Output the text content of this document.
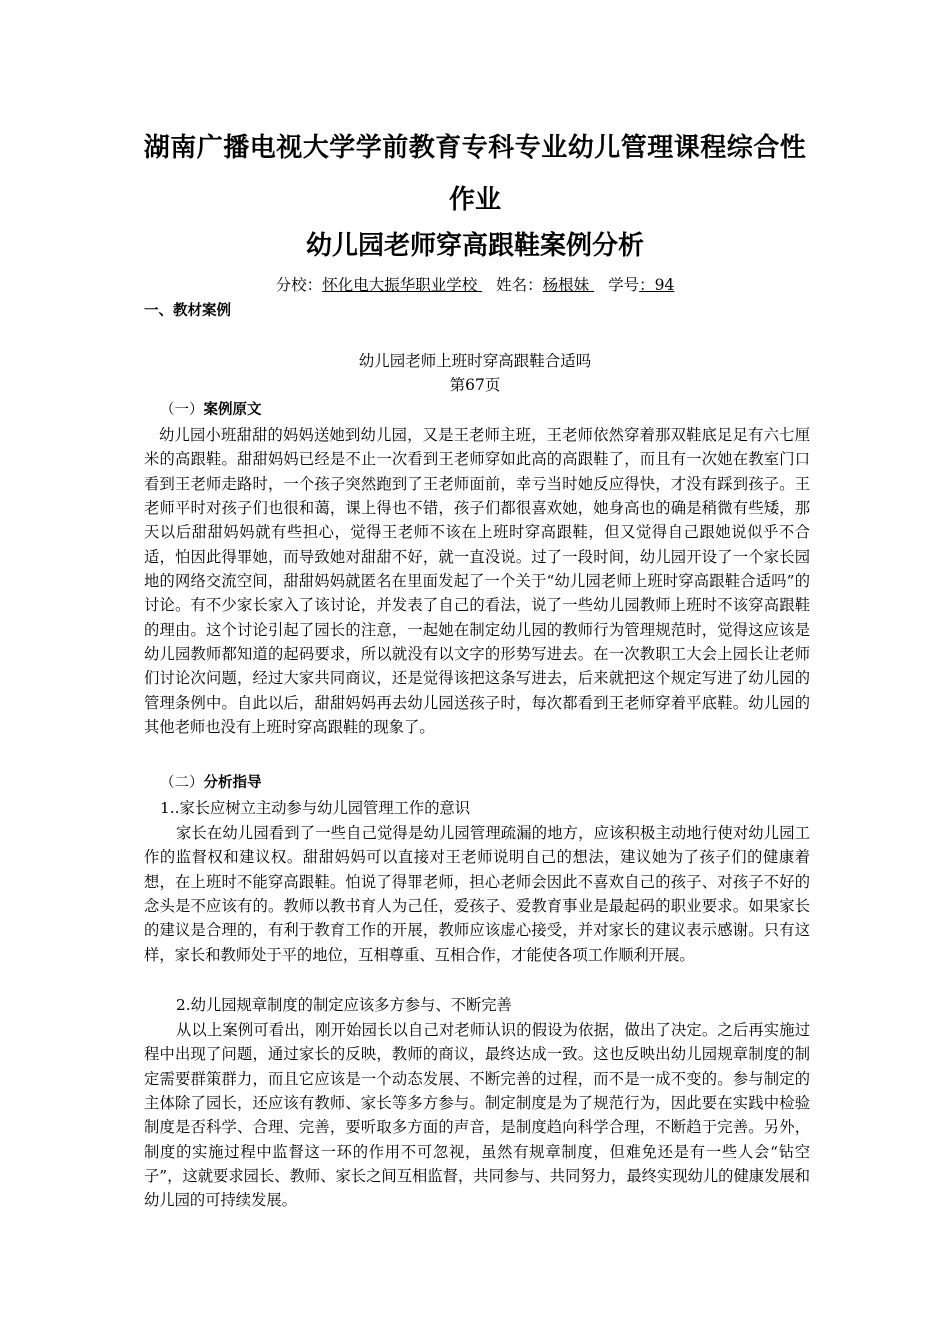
湖南广播电视大学学前教育专科专业幼儿管理课程综合性
作业
幼儿园老师穿高跟鞋案例分析
分校：怀化电大振华职业学校 姓名：杨根妹 学号：94
一、教材案例
幼儿园老师上班时穿高跟鞋合适吗
第67页
（一）案例原文
幼儿园小班甜甜的妈妈送她到幼儿园，又是王老师主班，王老师依然穿着那双鞋底足足有六七厘米的高跟鞋。甜甜妈妈已经是不止一次看到王老师穿如此高的高跟鞋了，而且有一次她在教室门口看到王老师走路时，一个孩子突然跑到了王老师面前，幸亏当时她反应得快，才没有踩到孩子。王老师平时对孩子们也很和蔼，课上得也不错，孩子们都很喜欢她，她身高也的确是稍微有些矮，那天以后甜甜妈妈就有些担心，觉得王老师不该在上班时穿高跟鞋，但又觉得自己跟她说似乎不合适，怕因此得罪她，而导致她对甜甜不好，就一直没说。过了一段时间，幼儿园开设了一个家长园地的网络交流空间，甜甜妈妈就匿名在里面发起了一个关于“幼儿园老师上班时穿高跟鞋合适吗”的讨论。有不少家长家入了该讨论，并发表了自己的看法，说了一些幼儿园教师上班时不该穿高跟鞋的理由。这个讨论引起了园长的注意，一起她在制定幼儿园的教师行为管理规范时，觉得这应该是幼儿园教师都知道的起码要求，所以就没有以文字的形势写进去。在一次教职工大会上园长让老师们讨论次问题，经过大家共同商议，还是觉得该把这条写进去，后来就把这个规定写进了幼儿园的管理条例中。自此以后，甜甜妈妈再去幼儿园送孩子时，每次都看到王老师穿着平底鞋。幼儿园的其他老师也没有上班时穿高跟鞋的现象了。
（二）分析指导
1..家长应树立主动参与幼儿园管理工作的意识
家长在幼儿园看到了一些自己觉得是幼儿园管理疏漏的地方，应该积极主动地行使对幼儿园工作的监督权和建议权。甜甜妈妈可以直接对王老师说明自己的想法，建议她为了孩子们的健康着想，在上班时不能穿高跟鞋。怕说了得罪老师，担心老师会因此不喜欢自己的孩子、对孩子不好的念头是不应该有的。教师以教书育人为己任，爱孩子、爱教育事业是最起码的职业要求。如果家长的建议是合理的，有利于教育工作的开展，教师应该虚心接受，并对家长的建议表示感谢。只有这样，家长和教师处于平的地位，互相尊重、互相合作，才能使各项工作顺利开展。
2.幼儿园规章制度的制定应该多方参与、不断完善
从以上案例可看出，刚开始园长以自己对老师认识的假设为依据，做出了决定。之后再实施过程中出现了问题，通过家长的反映，教师的商议，最终达成一致。这也反映出幼儿园规章制度的制定需要群策群力，而且它应该是一个动态发展、不断完善的过程，而不是一成不变的。参与制定的主体除了园长，还应该有教师、家长等多方参与。制定制度是为了规范行为，因此要在实践中检验制度是否科学、合理、完善，要听取多方面的声音，是制度趋向科学合理，不断趋于完善。另外，制度的实施过程中监督这一环的作用不可忽视，虽然有规章制度，但难免还是有一些人会“钻空子”，这就要求园长、教师、家长之间互相监督，共同参与、共同努力，最终实现幼儿的健康发展和幼儿园的可持续发展。
